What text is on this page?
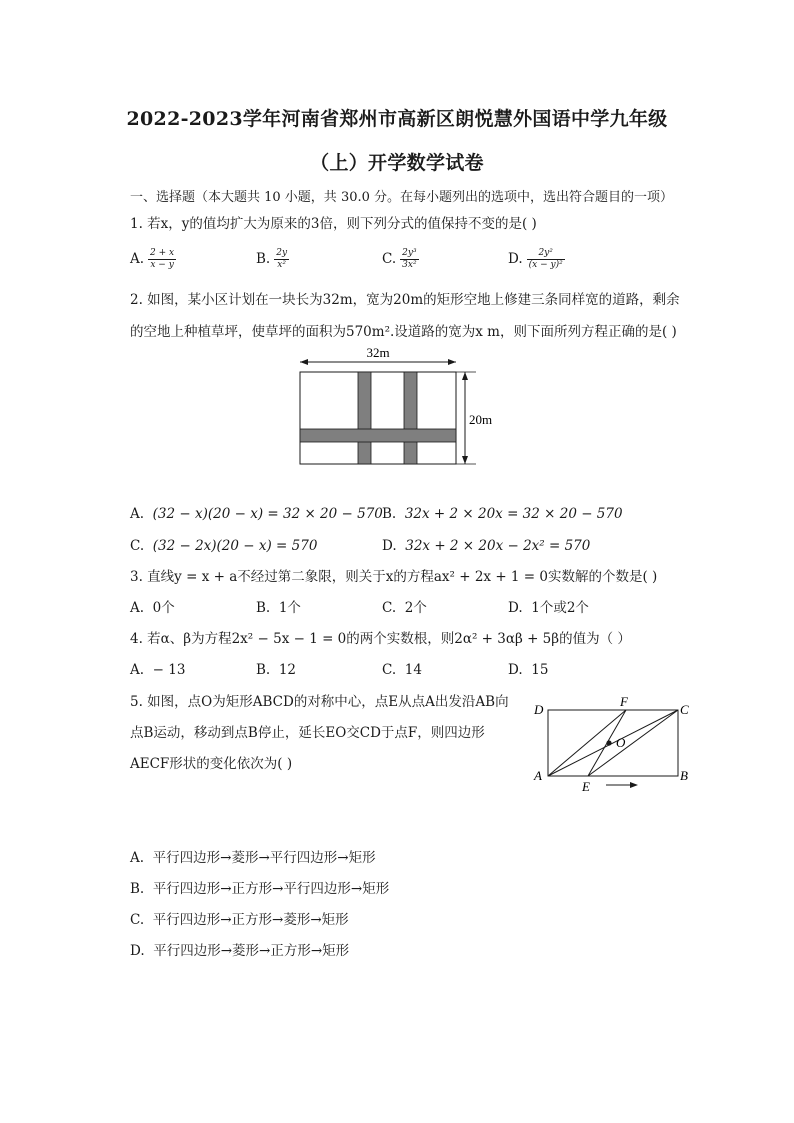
2022-2023学年河南省郑州市高新区朗悦慧外国语中学九年级
（上）开学数学试卷
一、选择题（本大题共 10 小题，共 30.0 分。在每小题列出的选项中，选出符合题目的一项）
1. 若x，y的值均扩大为原来的3倍，则下列分式的值保持不变的是( )
A. $\frac{2 + x}{x - y}$	B. $\frac{2y}{\text{x²}}$	C. $\frac{\text{2y³}}{\text{3x²}}$	D. $\frac{\text{2y²}}{\text{(x − y)²}}$
2. 如图，某小区计划在一块长为32m，宽为20m的矩形空地上修建三条同样宽的道路，剩余
的空地上种植草坪，使草坪的面积为570m².设道路的宽为x m，则下面所列方程正确的是( )
32m
20m
A. (32 − x)(20 − x) = 32 × 20 − 570 B. 32x + 2 × 20x = 32 × 20 − 570
C. (32 − 2x)(20 − x) = 570	D. 32x + 2 × 20x − 2x² = 570
3. 直线y = x + a不经过第二象限，则关于x的方程ax² + 2x + 1 = 0实数解的个数是( )
A. 0个	B. 1个	C. 2个	D. 1个或2个
4. 若α、β为方程2x² − 5x − 1 = 0的两个实数根，则2α² + 3αβ + 5β的值为（ ）
A. − 13	B. 12	C. 14	D. 15
5. 如图，点O为矩形ABCD的对称中心，点E从点A出发沿AB向
点B运动，移动到点B停止，延长EO交CD于点F，则四边形
AECF形状的变化依次为( )
O
D	C
F
A	B
E
A. 平行四边形→菱形→平行四边形→矩形
B. 平行四边形→正方形→平行四边形→矩形
C. 平行四边形→正方形→菱形→矩形
D. 平行四边形→菱形→正方形→矩形
